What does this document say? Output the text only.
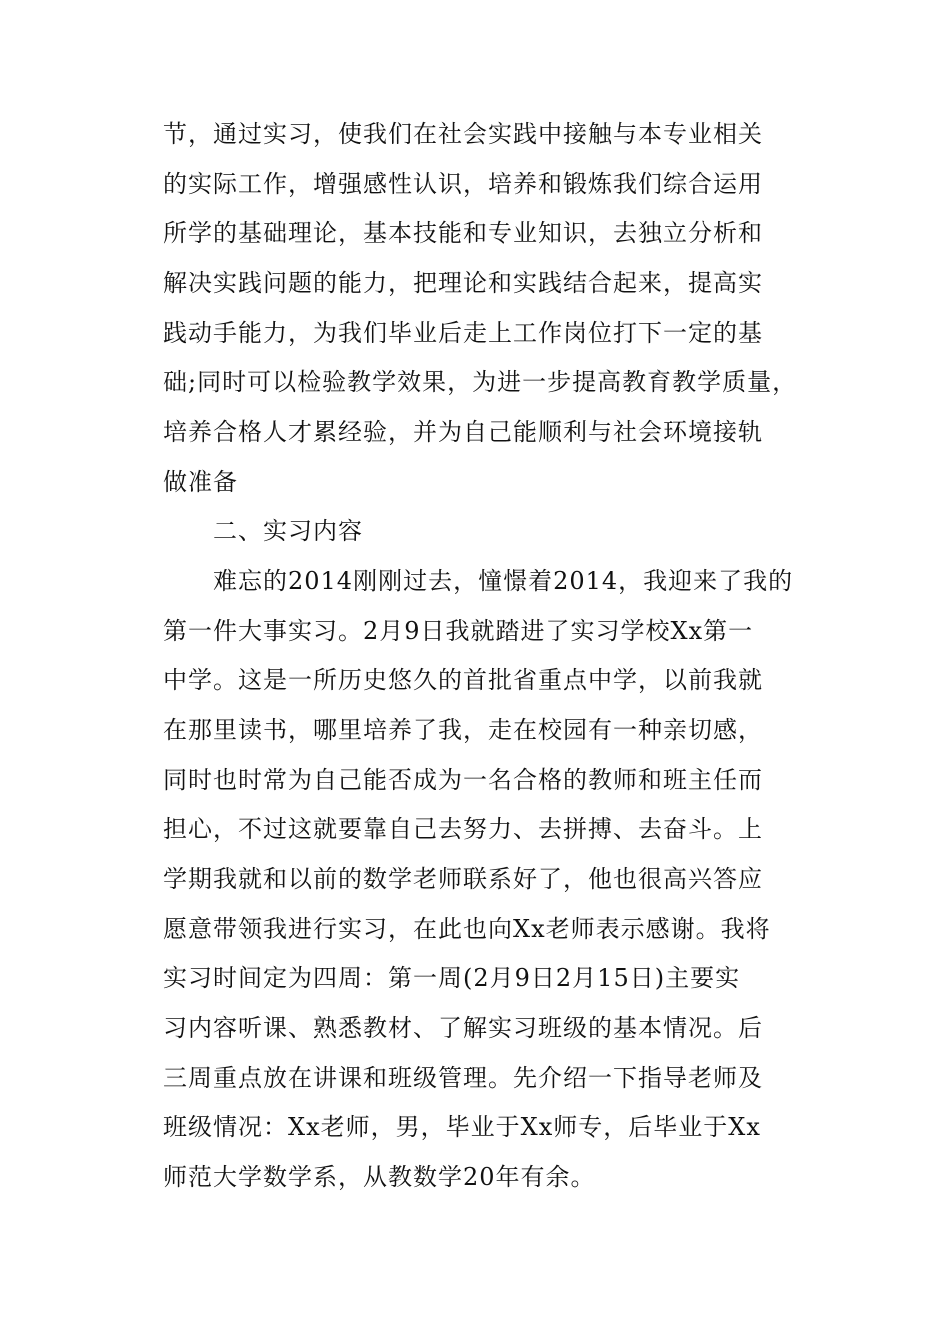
节，通过实习，使我们在社会实践中接触与本专业相关
的实际工作，增强感性认识，培养和锻炼我们综合运用
所学的基础理论，基本技能和专业知识，去独立分析和
解决实践问题的能力，把理论和实践结合起来，提高实
践动手能力，为我们毕业后走上工作岗位打下一定的基
础;同时可以检验教学效果，为进一步提高教育教学质量，
培养合格人才累经验，并为自己能顺利与社会环境接轨
做准备
二、实习内容
难忘的2014刚刚过去，憧憬着2014，我迎来了我的
第一件大事实习。2月9日我就踏进了实习学校Xx第一
中学。这是一所历史悠久的首批省重点中学，以前我就
在那里读书，哪里培养了我，走在校园有一种亲切感，
同时也时常为自己能否成为一名合格的教师和班主任而
担心，不过这就要靠自己去努力、去拼搏、去奋斗。上
学期我就和以前的数学老师联系好了，他也很高兴答应
愿意带领我进行实习，在此也向Xx老师表示感谢。我将
实习时间定为四周：第一周(2月9日2月15日)主要实
习内容听课、熟悉教材、了解实习班级的基本情况。后
三周重点放在讲课和班级管理。先介绍一下指导老师及
班级情况：Xx老师，男，毕业于Xx师专，后毕业于Xx
师范大学数学系，从教数学20年有余。
